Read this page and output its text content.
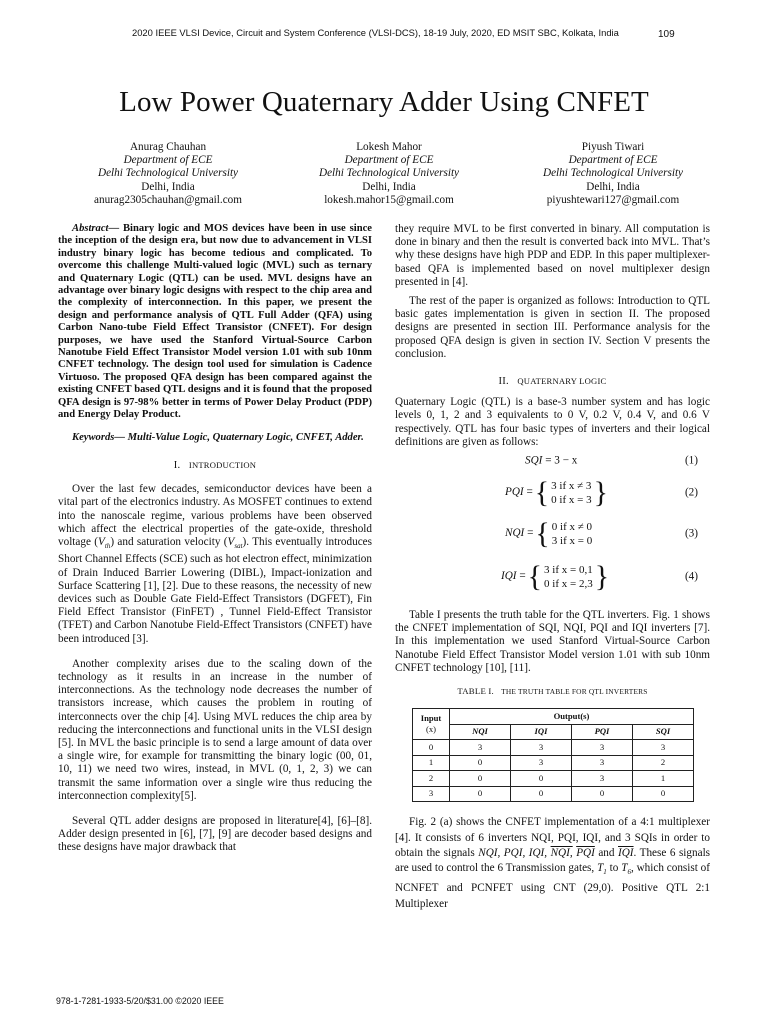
2020 IEEE VLSI Device, Circuit and System Conference (VLSI-DCS), 18-19 July, 2020, ED MSIT SBC, Kolkata, India	109
Low Power Quaternary Adder Using CNFET
Anurag Chauhan
Department of ECE
Delhi Technological University
Delhi, India
anurag2305chauhan@gmail.com
Lokesh Mahor
Department of ECE
Delhi Technological University
Delhi, India
lokesh.mahor15@gmail.com
Piyush Tiwari
Department of ECE
Delhi Technological University
Delhi, India
piyushtewari127@gmail.com

Abstract— Binary logic and MOS devices have been in use since the inception of the design era, but now due to advancement in VLSI industry binary logic has become tedious and complicated. To overcome this challenge Multi-valued logic (MVL) such as ternary and Quaternary Logic (QTL) can be used. MVL designs have an advantage over binary logic designs with respect to the chip area and the complexity of interconnection. In this paper, we present the design and performance analysis of QTL Full Adder (QFA) using Carbon Nano-tube Field Effect Transistor (CNFET). For design purposes, we have used the Stanford Virtual-Source Carbon Nanotube Field Effect Transistor Model version 1.01 with sub 10nm CNFET technology. The design tool used for simulation is Cadence Virtuoso. The proposed QFA design has been compared against the existing CNFET based QTL designs and it is found that the proposed QFA design is 97-98% better in terms of Power Delay Product (PDP) and Energy Delay Product.

Keywords— Multi-Value Logic, Quaternary Logic, CNFET, Adder.

I. INTRODUCTION

Over the last few decades, semiconductor devices have been a vital part of the electronics industry. As MOSFET continues to extend into the nanoscale regime, various problems have been observed which affect the electrical properties of the gate-oxide, threshold voltage $(V_{th})$ and saturation velocity $(V_{sat})$. This eventually introduces Short Channel Effects (SCE) such as hot electron effect, minimization of Drain Induced Barrier Lowering (DIBL), Impact-ionization and Surface Scattering [1], [2]. Due to these reasons, the necessity of new devices such as Double Gate Field-Effect Transistors (DGFET), Fin Field Effect Transistor (FinFET) , Tunnel Field-Effect Transistor (TFET) and Carbon Nanotube Field-Effect Transistors (CNFET) have been introduced [3].

Another complexity arises due to the scaling down of the technology as it results in an increase in the number of interconnections. As the technology node decreases the number of transistors increase, which causes the problem in routing of interconnects over the chip [4]. Using MVL reduces the chip area by reducing the interconnections and functional units in the VLSI design [5]. In MVL the basic principle is to send a large amount of data over a single wire, for example for transmitting the binary logic (00, 01, 10, 11) we need two wires, instead, in MVL (0, 1, 2, 3) we can transmit the same information over a single wire thus reducing the interconnection complexity[5].

Several QTL adder designs are proposed in literature[4], [6]–[8]. Adder design presented in [6], [7], [9] are decoder based designs and these designs have major drawback that

they require MVL to be first converted in binary. All computation is done in binary and then the result is converted back into MVL. That’s why these designs have high PDP and EDP. In this paper multiplexer-based QFA is implemented based on novel multiplexer design presented in [4].

The rest of the paper is organized as follows: Introduction to QTL basic gates implementation is given in section II. The proposed designs are presented in section III. Performance analysis for the proposed QFA design is given in section IV. Section V presents the conclusion.

II. QUATERNARY LOGIC

Quaternary Logic (QTL) is a base-3 number system and has logic levels 0, 1, 2 and 3 equivalents to 0 V, 0.2 V, 0.4 V, and 0.6 V respectively. QTL has four basic types of inverters and their logical definitions are given as follows:

SQI
= 3 − x	(1)
PQI
= { 3 if x ≠ 3
0 if x = 3 }	(2)
NQI
= { 0 if x ≠ 0
3 if x = 0
(3)
IQI
= { 3 if x = 0,1
0 if x = 2,3 }	(4)

Table I presents the truth table for the QTL inverters. Fig. 1 shows the CNFET implementation of SQI, NQI, PQI and IQI inverters [7]. In this implementation we used Stanford Virtual-Source Carbon Nanotube Field Effect Transistor Model version 1.01 with sub 10nm CNFET technology [10], [11].

TABLE I. THE TRUTH TABLE FOR QTL INVERTERS
Input
(x)	Output(s)			
	NQI	IQI	PQI	SQI
0	3	3	3	3
1	0	3	3	2
2	0	0	3	1
3	0	0	0	0

Fig. 2 (a) shows the CNFET implementation of a 4:1 multiplexer [4]. It consists of 6 inverters NQI, PQI, IQI, and 3 SQIs in order to obtain the signals NQI, PQI, IQI, NQI, $\overline{PQI}$ and $\overline{IQI}$. These 6 signals are used to control the 6 Transmission gates, $T_1$ to $T_6$, which consist of NCNFET and PCNFET using CNT (29,0). Positive QTL 2:1 Multiplexer

978-1-7281-1933-5/20/$31.00 ©2020 IEEE
